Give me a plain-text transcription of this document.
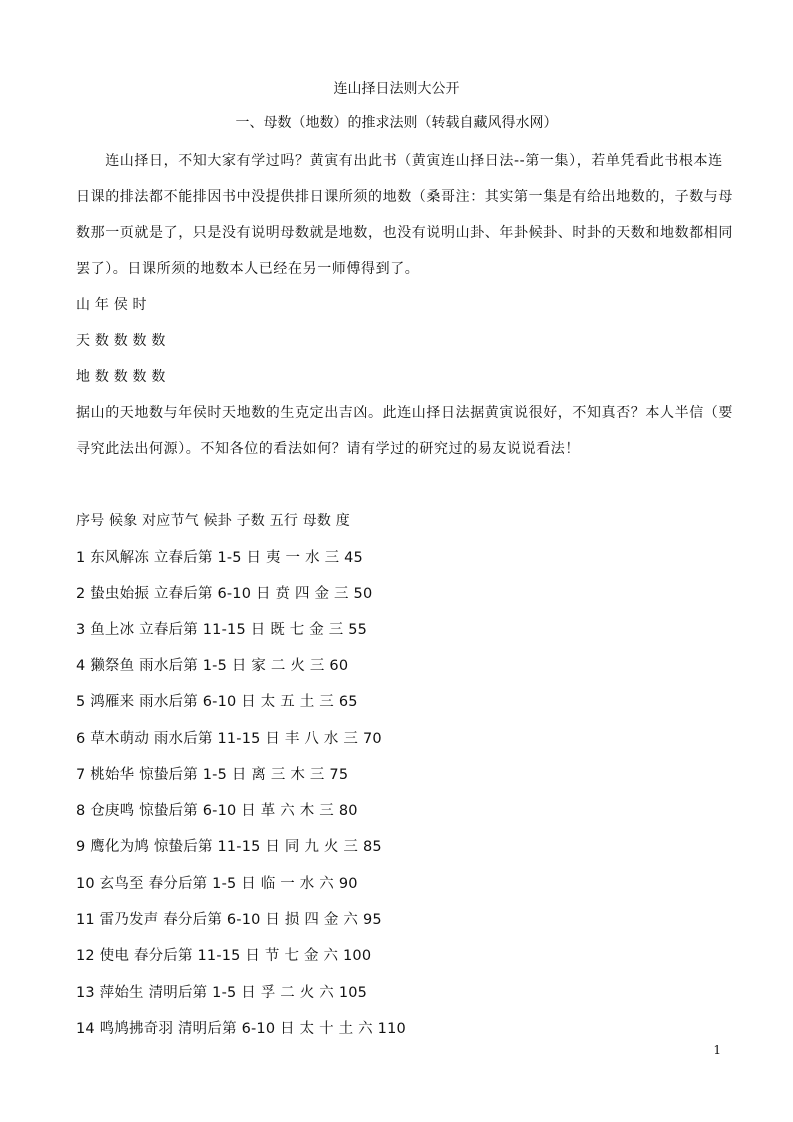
连山择日法则大公开
一、母数（地数）的推求法则（转载自藏风得水网）
　　连山择日，不知大家有学过吗？黄寅有出此书（黄寅连山择日法--第一集），若单凭看此书根本连
日课的排法都不能排因书中没提供排日课所须的地数（桑哥注：其实第一集是有给出地数的，子数与母
数那一页就是了，只是没有说明母数就是地数，也没有说明山卦、年卦候卦、时卦的天数和地数都相同
罢了）。日课所须的地数本人已经在另一师傅得到了。
山 年 侯 时
天 数 数 数 数
地 数 数 数 数
据山的天地数与年侯时天地数的生克定出吉凶。此连山择日法据黄寅说很好，不知真否？本人半信（要
寻究此法出何源）。不知各位的看法如何？请有学过的研究过的易友说说看法！
序号 候象 对应节气 候卦 子数 五行 母数 度
1 东风解冻 立春后第 1-5 日 夷 一 水 三 45
2 蛰虫始振 立春后第 6-10 日 贲 四 金 三 50
3 鱼上冰 立春后第 11-15 日 既 七 金 三 55
4 獭祭鱼 雨水后第 1-5 日 家 二 火 三 60
5 鸿雁来 雨水后第 6-10 日 太 五 土 三 65
6 草木萌动 雨水后第 11-15 日 丰 八 水 三 70
7 桃始华 惊蛰后第 1-5 日 离 三 木 三 75
8 仓庚鸣 惊蛰后第 6-10 日 革 六 木 三 80
9 鹰化为鸠 惊蛰后第 11-15 日 同 九 火 三 85
10 玄鸟至 春分后第 1-5 日 临 一 水 六 90
11 雷乃发声 春分后第 6-10 日 损 四 金 六 95
12 使电 春分后第 11-15 日 节 七 金 六 100
13 萍始生 清明后第 1-5 日 孚 二 火 六 105
14 鸣鸠拂奇羽 清明后第 6-10 日 太 十 土 六 110
1
